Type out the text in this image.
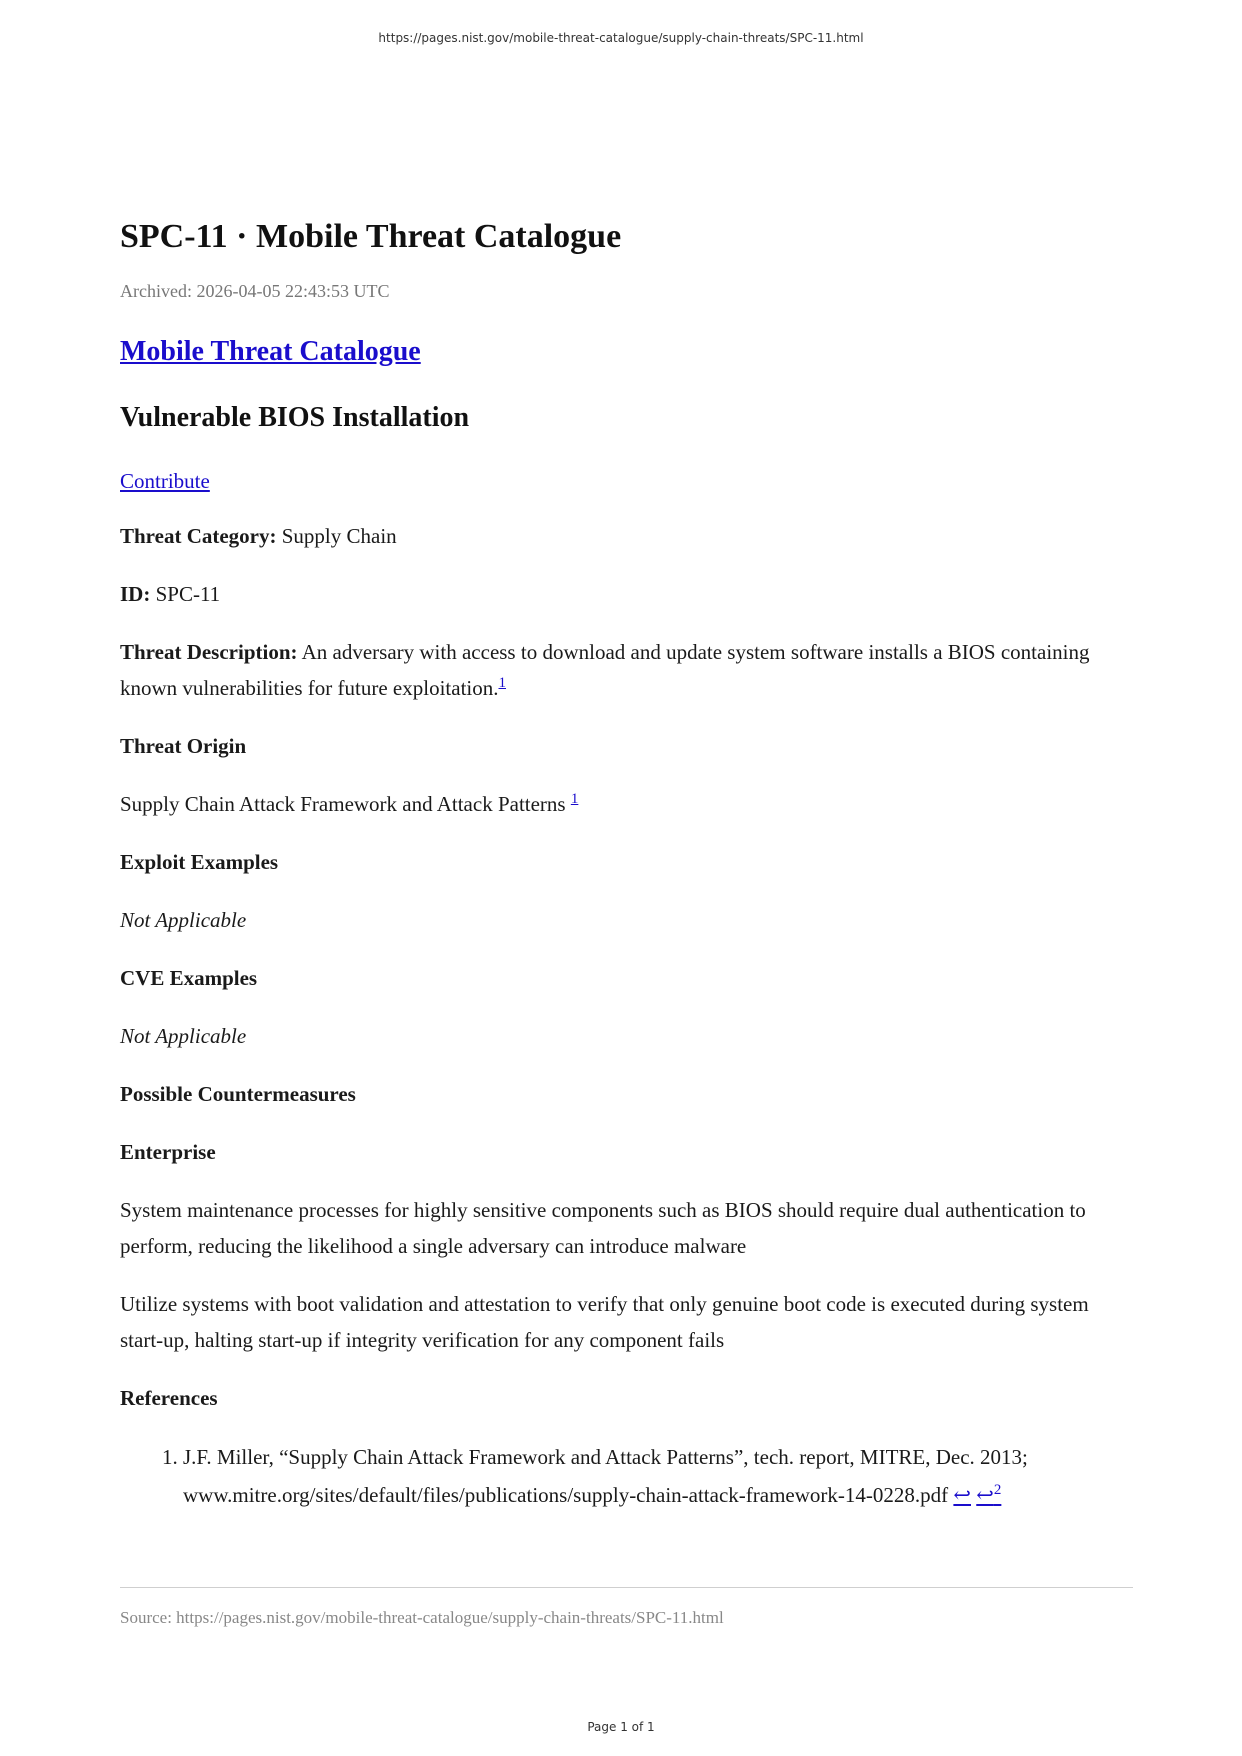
https://pages.nist.gov/mobile-threat-catalogue/supply-chain-threats/SPC-11.html
SPC-11 · Mobile Threat Catalogue
Archived: 2026-04-05 22:43:53 UTC
Mobile Threat Catalogue
Vulnerable BIOS Installation
Contribute

Threat Category: Supply Chain

ID: SPC-11

Threat Description: An adversary with access to download and update system software installs a BIOS containing known vulnerabilities for future exploitation.$^1$

Threat Origin

Supply Chain Attack Framework and Attack Patterns $^1$

Exploit Examples

Not Applicable

CVE Examples

Not Applicable

Possible Countermeasures
Enterprise

System maintenance processes for highly sensitive components such as BIOS should require dual authentication to perform, reducing the likelihood a single adversary can introduce malware

Utilize systems with boot validation and attestation to verify that only genuine boot code is executed during system start-up, halting start-up if integrity verification for any component fails

References
1. J.F. Miller, “Supply Chain Attack Framework and Attack Patterns”, tech. report, MITRE, Dec. 2013;
www.mitre.org/sites/default/files/publications/supply-chain-attack-framework-14-0228.pdf ↩ ↩$^2$
Source: https://pages.nist.gov/mobile-threat-catalogue/supply-chain-threats/SPC-11.html
Page 1 of 1
